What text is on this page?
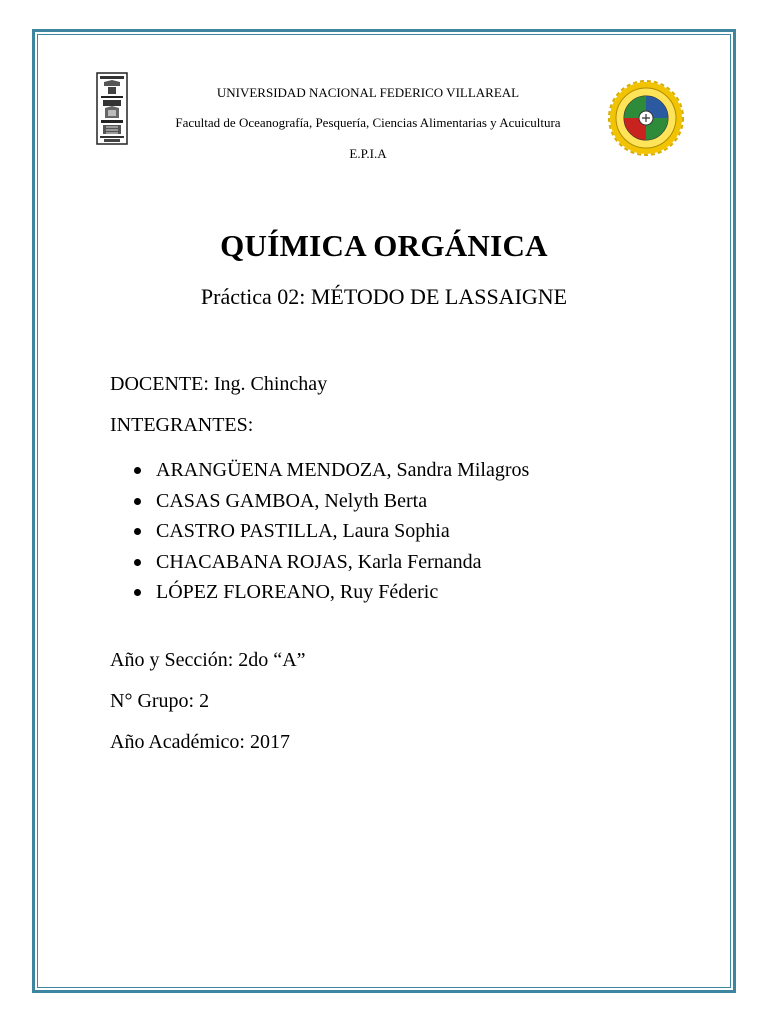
UNIVERSIDAD NACIONAL FEDERICO VILLAREAL
Facultad de Oceanografía, Pesquería, Ciencias Alimentarias y Acuicultura
E.P.I.A
QUÍMICA ORGÁNICA
Práctica 02: MÉTODO DE LASSAIGNE
DOCENTE: Ing. Chinchay
INTEGRANTES:
ARANGÜENA MENDOZA, Sandra Milagros
CASAS GAMBOA, Nelyth Berta
CASTRO PASTILLA, Laura Sophia
CHACABANA ROJAS, Karla Fernanda
LÓPEZ FLOREANO, Ruy Féderic
Año y Sección: 2do “A”
N° Grupo: 2
Año Académico: 2017
